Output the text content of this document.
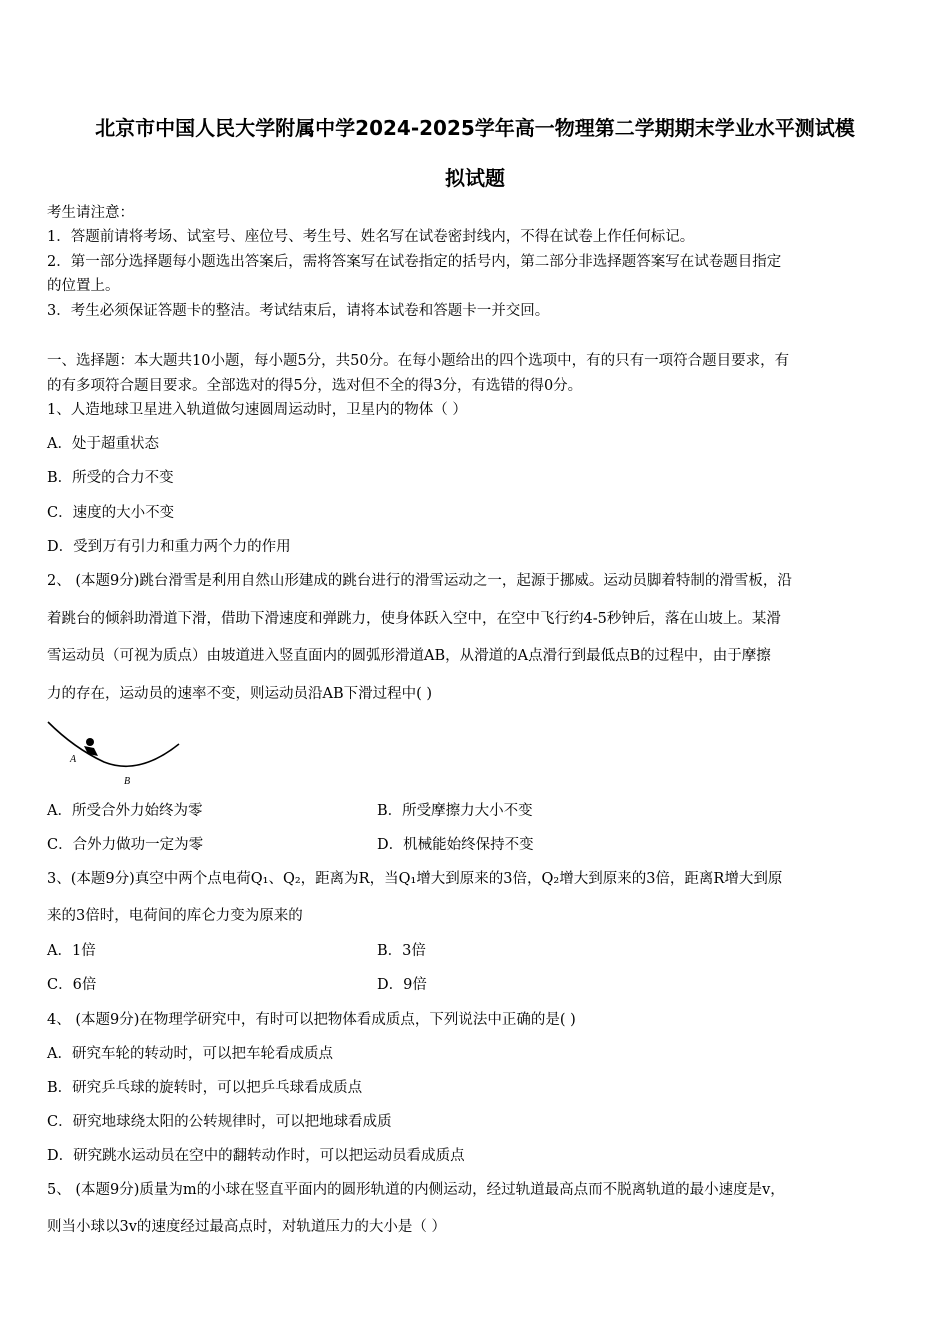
北京市中国人民大学附属中学2024-2025学年高一物理第二学期期末学业水平测试模
拟试题
考生请注意：
1．答题前请将考场、试室号、座位号、考生号、姓名写在试卷密封线内，不得在试卷上作任何标记。
2．第一部分选择题每小题选出答案后，需将答案写在试卷指定的括号内，第二部分非选择题答案写在试卷题目指定
的位置上。
3．考生必须保证答题卡的整洁。考试结束后，请将本试卷和答题卡一并交回。
一、选择题：本大题共10小题，每小题5分，共50分。在每小题给出的四个选项中，有的只有一项符合题目要求，有
的有多项符合题目要求。全部选对的得5分，选对但不全的得3分，有选错的得0分。
1、人造地球卫星进入轨道做匀速圆周运动时，卫星内的物体（ ）
A．处于超重状态
B．所受的合力不变
C．速度的大小不变
D．受到万有引力和重力两个力的作用
2、 (本题9分)跳台滑雪是利用自然山形建成的跳台进行的滑雪运动之一，起源于挪威。运动员脚着特制的滑雪板，沿
着跳台的倾斜助滑道下滑，借助下滑速度和弹跳力，使身体跃入空中，在空中飞行约4-5秒钟后，落在山坡上。某滑
雪运动员（可视为质点）由坡道进入竖直面内的圆弧形滑道AB，从滑道的A点滑行到最低点B的过程中，由于摩擦
力的存在，运动员的速率不变，则运动员沿AB下滑过程中( )
A
B
A．所受合外力始终为零	B．所受摩擦力大小不变
C．合外力做功一定为零	D．机械能始终保持不变
3、(本题9分)真空中两个点电荷Q₁、Q₂，距离为R，当Q₁增大到原来的3倍，Q₂增大到原来的3倍，距离R增大到原
来的3倍时，电荷间的库仑力变为原来的
A．1倍	B．3倍
C．6倍	D．9倍
4、 (本题9分)在物理学研究中，有时可以把物体看成质点，下列说法中正确的是( )
A．研究车轮的转动时，可以把车轮看成质点
B．研究乒乓球的旋转时，可以把乒乓球看成质点
C．研究地球绕太阳的公转规律时，可以把地球看成质
D．研究跳水运动员在空中的翻转动作时，可以把运动员看成质点
5、 (本题9分)质量为m的小球在竖直平面内的圆形轨道的内侧运动，经过轨道最高点而不脱离轨道的最小速度是v，
则当小球以3v的速度经过最高点时，对轨道压力的大小是（ ）
